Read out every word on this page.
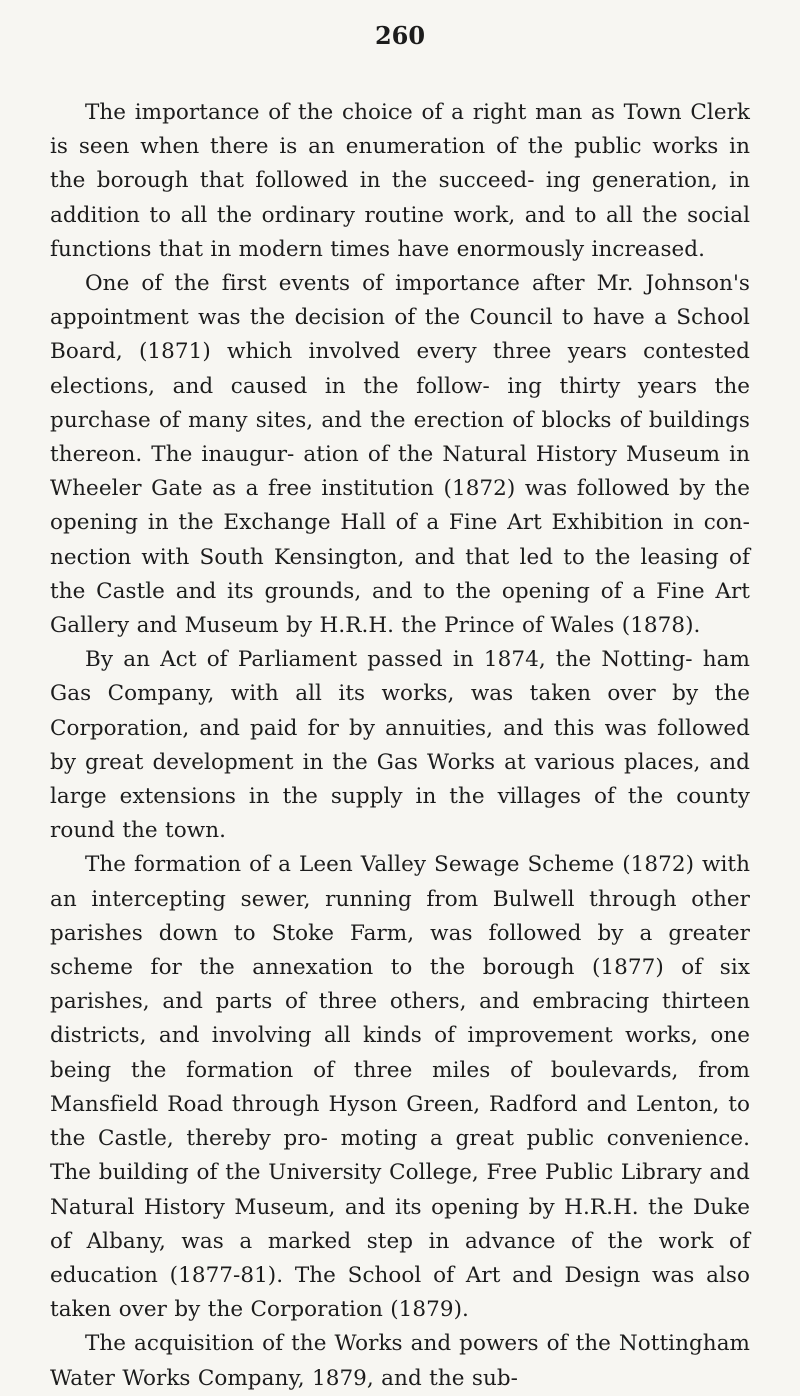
260

The importance of the choice of a right man as Town Clerk is seen when there is an enumeration of the public works in the borough that followed in the succeed- ing generation, in addition to all the ordinary routine work, and to all the social functions that in modern times have enormously increased.

One of the first events of importance after Mr. Johnson's appointment was the decision of the Council to have a School Board, (1871) which involved every three years contested elections, and caused in the follow- ing thirty years the purchase of many sites, and the erection of blocks of buildings thereon. The inaugur- ation of the Natural History Museum in Wheeler Gate as a free institution (1872) was followed by the opening in the Exchange Hall of a Fine Art Exhibition in con- nection with South Kensington, and that led to the leasing of the Castle and its grounds, and to the opening of a Fine Art Gallery and Museum by H.R.H. the Prince of Wales (1878).

By an Act of Parliament passed in 1874, the Notting- ham Gas Company, with all its works, was taken over by the Corporation, and paid for by annuities, and this was followed by great development in the Gas Works at various places, and large extensions in the supply in the villages of the county round the town.

The formation of a Leen Valley Sewage Scheme (1872) with an intercepting sewer, running from Bulwell through other parishes down to Stoke Farm, was followed by a greater scheme for the annexation to the borough (1877) of six parishes, and parts of three others, and embracing thirteen districts, and involving all kinds of improvement works, one being the formation of three miles of boulevards, from Mansfield Road through Hyson Green, Radford and Lenton, to the Castle, thereby pro- moting a great public convenience. The building of the University College, Free Public Library and Natural History Museum, and its opening by H.R.H. the Duke of Albany, was a marked step in advance of the work of education (1877-81). The School of Art and Design was also taken over by the Corporation (1879).

The acquisition of the Works and powers of the Nottingham Water Works Company, 1879, and the sub-
